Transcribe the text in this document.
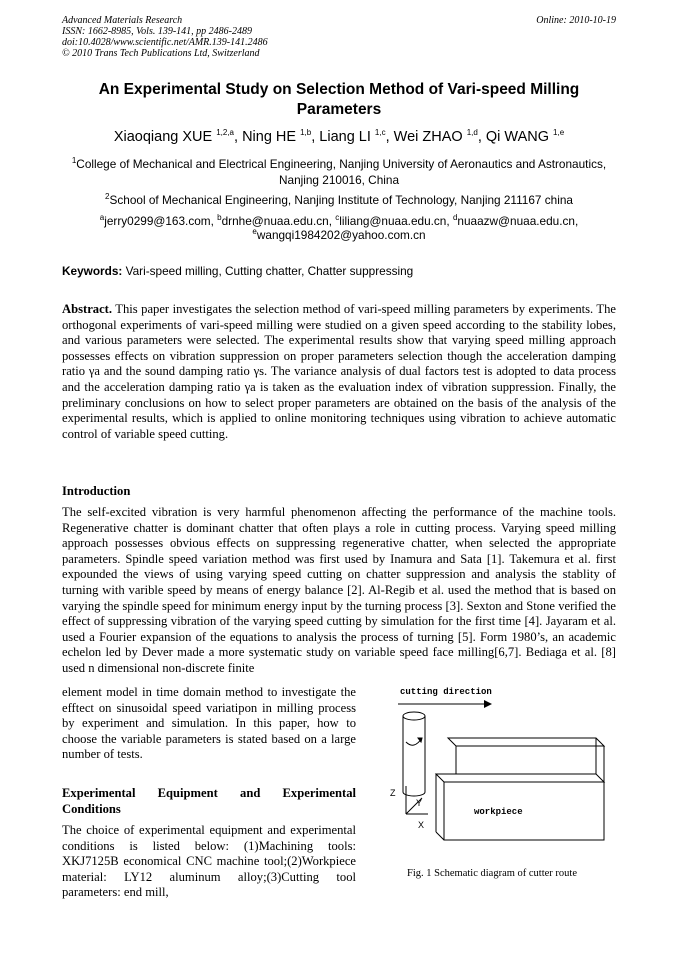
Advanced Materials Research
ISSN: 1662-8985, Vols. 139-141, pp 2486-2489
doi:10.4028/www.scientific.net/AMR.139-141.2486
© 2010 Trans Tech Publications Ltd, Switzerland
Online: 2010-10-19
An Experimental Study on Selection Method of Vari-speed Milling Parameters
Xiaoqiang XUE $^{1,2,a}$, Ning HE $^{1,b}$, Liang LI $^{1,c}$, Wei ZHAO $^{1,d}$, Qi WANG $^{1,e}$
$^1$College of Mechanical and Electrical Engineering, Nanjing University of Aeronautics and Astronautics, Nanjing 210016, China
$^2$School of Mechanical Engineering, Nanjing Institute of Technology, Nanjing 211167 china
$^a$jerry0299@163.com, $^b$drnhe@nuaa.edu.cn, $^c$liliang@nuaa.edu.cn, $^d$nuaazw@nuaa.edu.cn,
$^e$wangqi1984202@yahoo.com.cn
Keywords: Vari-speed milling, Cutting chatter, Chatter suppressing
Abstract. This paper investigates the selection method of vari-speed milling parameters by experiments. The orthogonal experiments of vari-speed milling were studied on a given speed according to the stability lobes, and various parameters were selected. The experimental results show that varying speed milling approach possesses effects on vibration suppression on proper parameters selection though the acceleration damping ratio γa and the sound damping ratio γs. The variance analysis of dual factors test is adopted to data process and the acceleration damping ratio γa is taken as the evaluation index of vibration suppression. Finally, the preliminary conclusions on how to select proper parameters are obtained on the basis of the analysis of the experimental results, which is applied to online monitoring techniques using vibration to achieve automatic control of variable speed cutting.
Introduction
The self-excited vibration is very harmful phenomenon affecting the performance of the machine tools. Regenerative chatter is dominant chatter that often plays a role in cutting process. Varying speed milling approach possesses obvious effects on suppressing regenerative chatter, when selected the appropriate parameters. Spindle speed variation method was first used by Inamura and Sata [1]. Takemura et al. first expounded the views of using varying speed cutting on chatter suppression and analysis the stablity of turning with varible speed by means of energy balance [2]. Al-Regib et al. used the method that is based on varying the spindle speed for minimum energy input by the turning process [3]. Sexton and Stone verified the effect of suppressing vibration of the varying speed cutting by simulation for the first time [4]. Jayaram et al. used a Fourier expansion of the equations to analysis the process of turning [5]. Form 1980’s, an academic echelon led by Dever made a more systematic study on variable speed face milling[6,7]. Bediaga et al. [8] used n dimensional non-discrete finite
element model in time domain method to investigate the efftect on sinusoidal speed variatipon in milling process by experiment and simulation. In this paper, how to choose the variable parameters is stated based on a large number of tests.
Experimental Equipment and Experimental Conditions
The choice of experimental equipment and experimental conditions is listed below: (1)Machining tools: XKJ7125B economical CNC machine tool;(2)Workpiece material: LY12 aluminum alloy;(3)Cutting tool parameters: end mill,
cutting direction
workpiece
Z
Y
X
Fig. 1 Schematic diagram of cutter route
